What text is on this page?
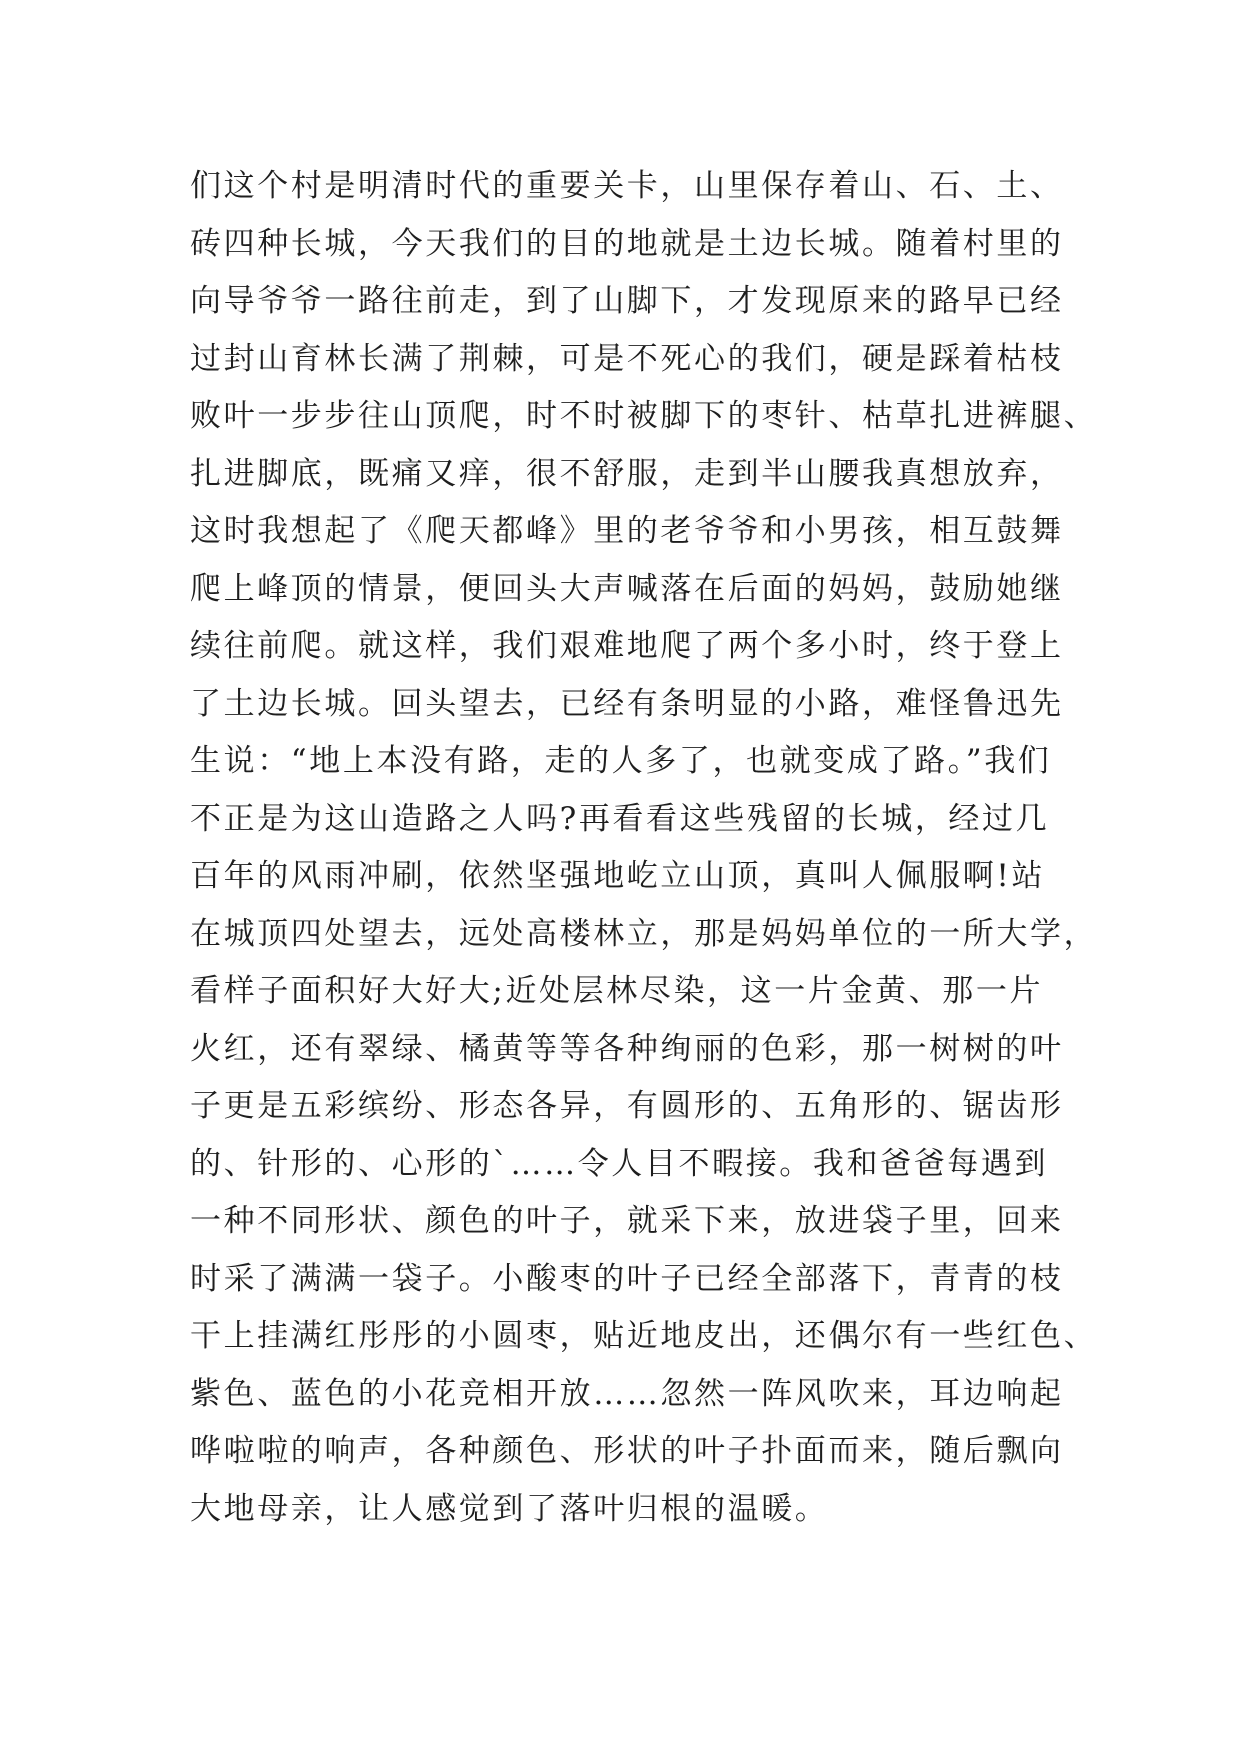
们这个村是明清时代的重要关卡，山里保存着山、石、土、
砖四种长城，今天我们的目的地就是土边长城。随着村里的
向导爷爷一路往前走，到了山脚下，才发现原来的路早已经
过封山育林长满了荆棘，可是不死心的我们，硬是踩着枯枝
败叶一步步往山顶爬，时不时被脚下的枣针、枯草扎进裤腿、
扎进脚底，既痛又痒，很不舒服，走到半山腰我真想放弃，
这时我想起了《爬天都峰》里的老爷爷和小男孩，相互鼓舞
爬上峰顶的情景，便回头大声喊落在后面的妈妈，鼓励她继
续往前爬。就这样，我们艰难地爬了两个多小时，终于登上
了土边长城。回头望去，已经有条明显的小路，难怪鲁迅先
生说：“地上本没有路，走的人多了，也就变成了路。”我们
不正是为这山造路之人吗?再看看这些残留的长城，经过几
百年的风雨冲刷，依然坚强地屹立山顶，真叫人佩服啊!站
在城顶四处望去，远处高楼林立，那是妈妈单位的一所大学，
看样子面积好大好大;近处层林尽染，这一片金黄、那一片
火红，还有翠绿、橘黄等等各种绚丽的色彩，那一树树的叶
子更是五彩缤纷、形态各异，有圆形的、五角形的、锯齿形
的、针形的、心形的`……令人目不暇接。我和爸爸每遇到
一种不同形状、颜色的叶子，就采下来，放进袋子里，回来
时采了满满一袋子。小酸枣的叶子已经全部落下，青青的枝
干上挂满红彤彤的小圆枣，贴近地皮出，还偶尔有一些红色、
紫色、蓝色的小花竞相开放……忽然一阵风吹来，耳边响起
哗啦啦的响声，各种颜色、形状的叶子扑面而来，随后飘向
大地母亲，让人感觉到了落叶归根的温暖。
